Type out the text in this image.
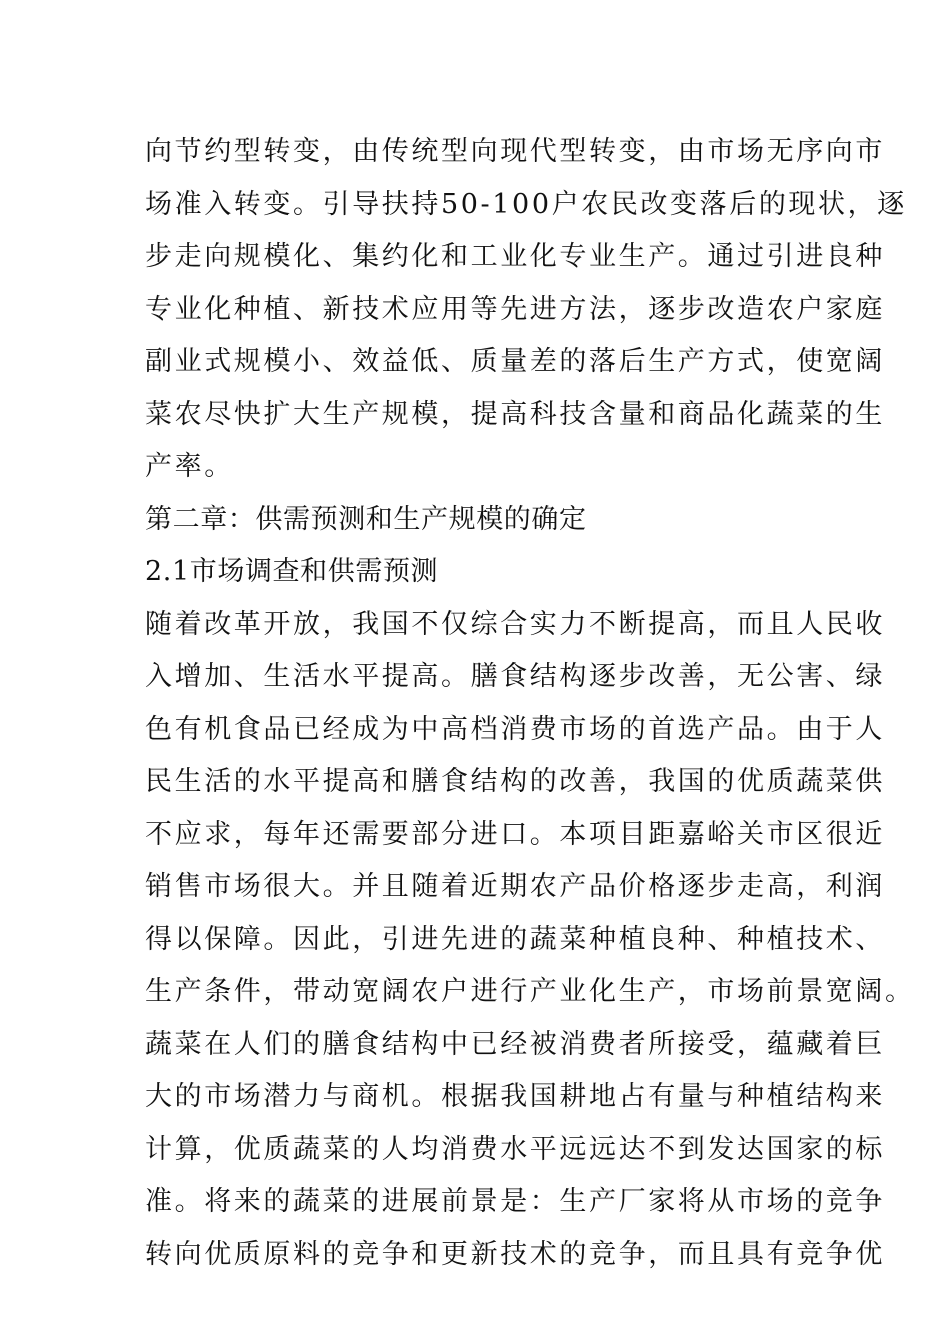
向节约型转变，由传统型向现代型转变，由市场无序向市
场准入转变。引导扶持50-100户农民改变落后的现状，逐
步走向规模化、集约化和工业化专业生产。通过引进良种
专业化种植、新技术应用等先进方法，逐步改造农户家庭
副业式规模小、效益低、质量差的落后生产方式，使宽阔
菜农尽快扩大生产规模，提高科技含量和商品化蔬菜的生
产率。
第二章：供需预测和生产规模的确定
2.1市场调查和供需预测
随着改革开放，我国不仅综合实力不断提高，而且人民收
入增加、生活水平提高。膳食结构逐步改善，无公害、绿
色有机食品已经成为中高档消费市场的首选产品。由于人
民生活的水平提高和膳食结构的改善，我国的优质蔬菜供
不应求，每年还需要部分进口。本项目距嘉峪关市区很近
销售市场很大。并且随着近期农产品价格逐步走高，利润
得以保障。因此，引进先进的蔬菜种植良种、种植技术、
生产条件，带动宽阔农户进行产业化生产，市场前景宽阔。
蔬菜在人们的膳食结构中已经被消费者所接受，蕴藏着巨
大的市场潜力与商机。根据我国耕地占有量与种植结构来
计算，优质蔬菜的人均消费水平远远达不到发达国家的标
准。将来的蔬菜的进展前景是：生产厂家将从市场的竞争
转向优质原料的竞争和更新技术的竞争，而且具有竞争优
